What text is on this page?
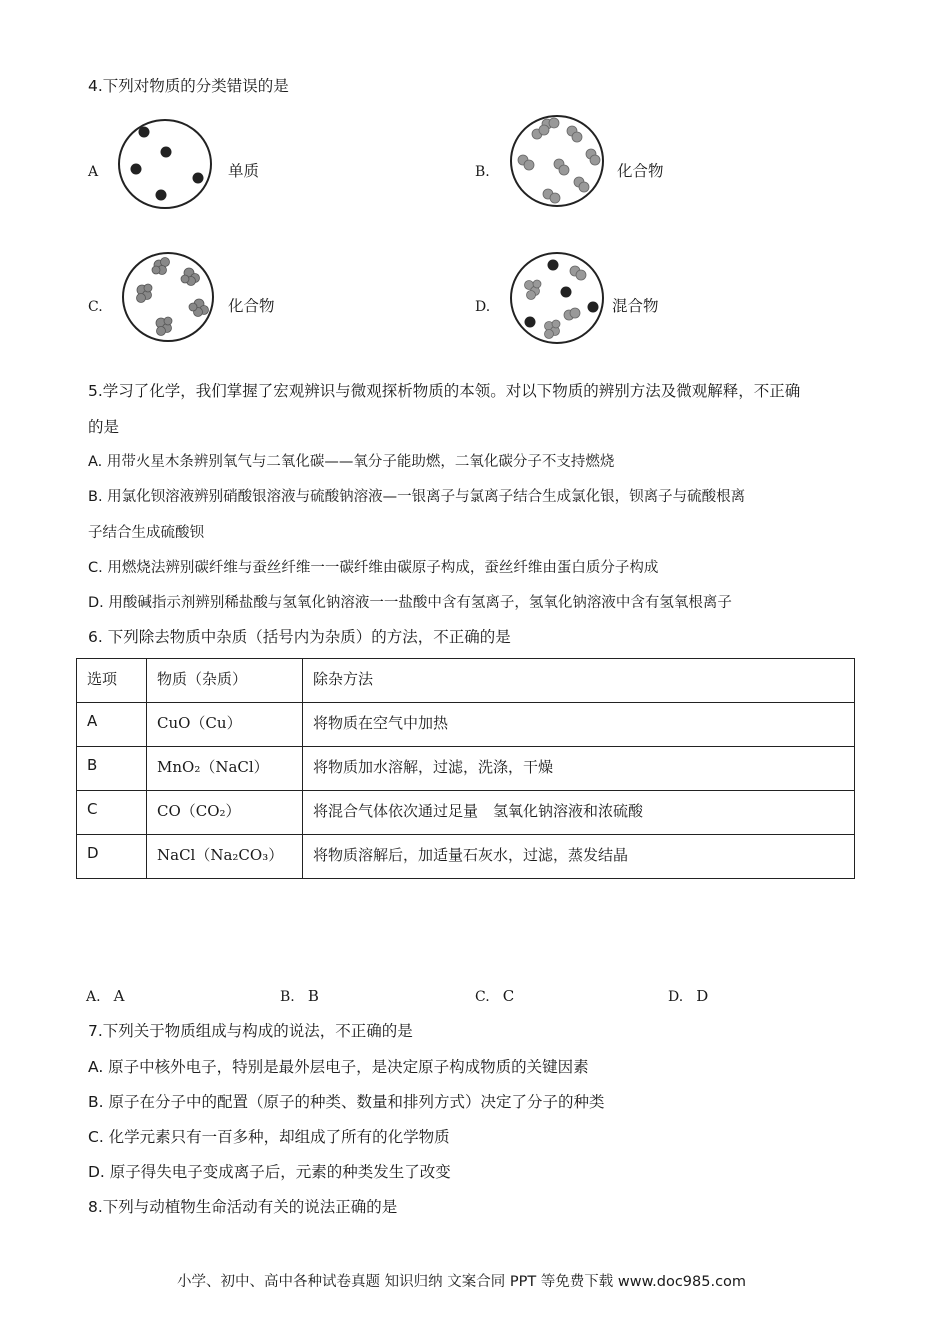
4.下列对物质的分类错误的是
A	单质	B.	化合物
C.	化合物	D.	混合物
5.学习了化学，我们掌握了宏观辨识与微观探析物质的本领。对以下物质的辨别方法及微观解释，不正确
的是
A. 用带火星木条辨别氧气与二氧化碳——氧分子能助燃，二氧化碳分子不支持燃烧
B. 用氯化钡溶液辨别硝酸银溶液与硫酸钠溶液—一银离子与氯离子结合生成氯化银，钡离子与硫酸根离
子结合生成硫酸钡
C. 用燃烧法辨别碳纤维与蚕丝纤维一一碳纤维由碳原子构成，蚕丝纤维由蛋白质分子构成
D. 用酸碱指示剂辨别稀盐酸与氢氧化钠溶液一一盐酸中含有氢离子，氢氧化钠溶液中含有氢氧根离子
6. 下列除去物质中杂质（括号内为杂质）的方法，不正确的是
选项	物质（杂质）	除杂方法
A	CuO（Cu）	将物质在空气中加热
B	MnO₂（NaCl）	将物质加水溶解，过滤，洗涤，干燥
C	CO（CO₂）	将混合气体依次通过足量　氢氧化钠溶液和浓硫酸
D	NaCl（Na₂CO₃）	将物质溶解后，加适量石灰水，过滤，蒸发结晶
A. A	B. B	C. C	D. D
7.下列关于物质组成与构成的说法，不正确的是
A. 原子中核外电子，特别是最外层电子，是决定原子构成物质的关键因素
B. 原子在分子中的配置（原子的种类、数量和排列方式）决定了分子的种类
C. 化学元素只有一百多种，却组成了所有的化学物质
D. 原子得失电子变成离子后，元素的种类发生了改变
8.下列与动植物生命活动有关的说法正确的是
小学、初中、高中各种试卷真题 知识归纳 文案合同 PPT 等免费下载 www.doc985.com
